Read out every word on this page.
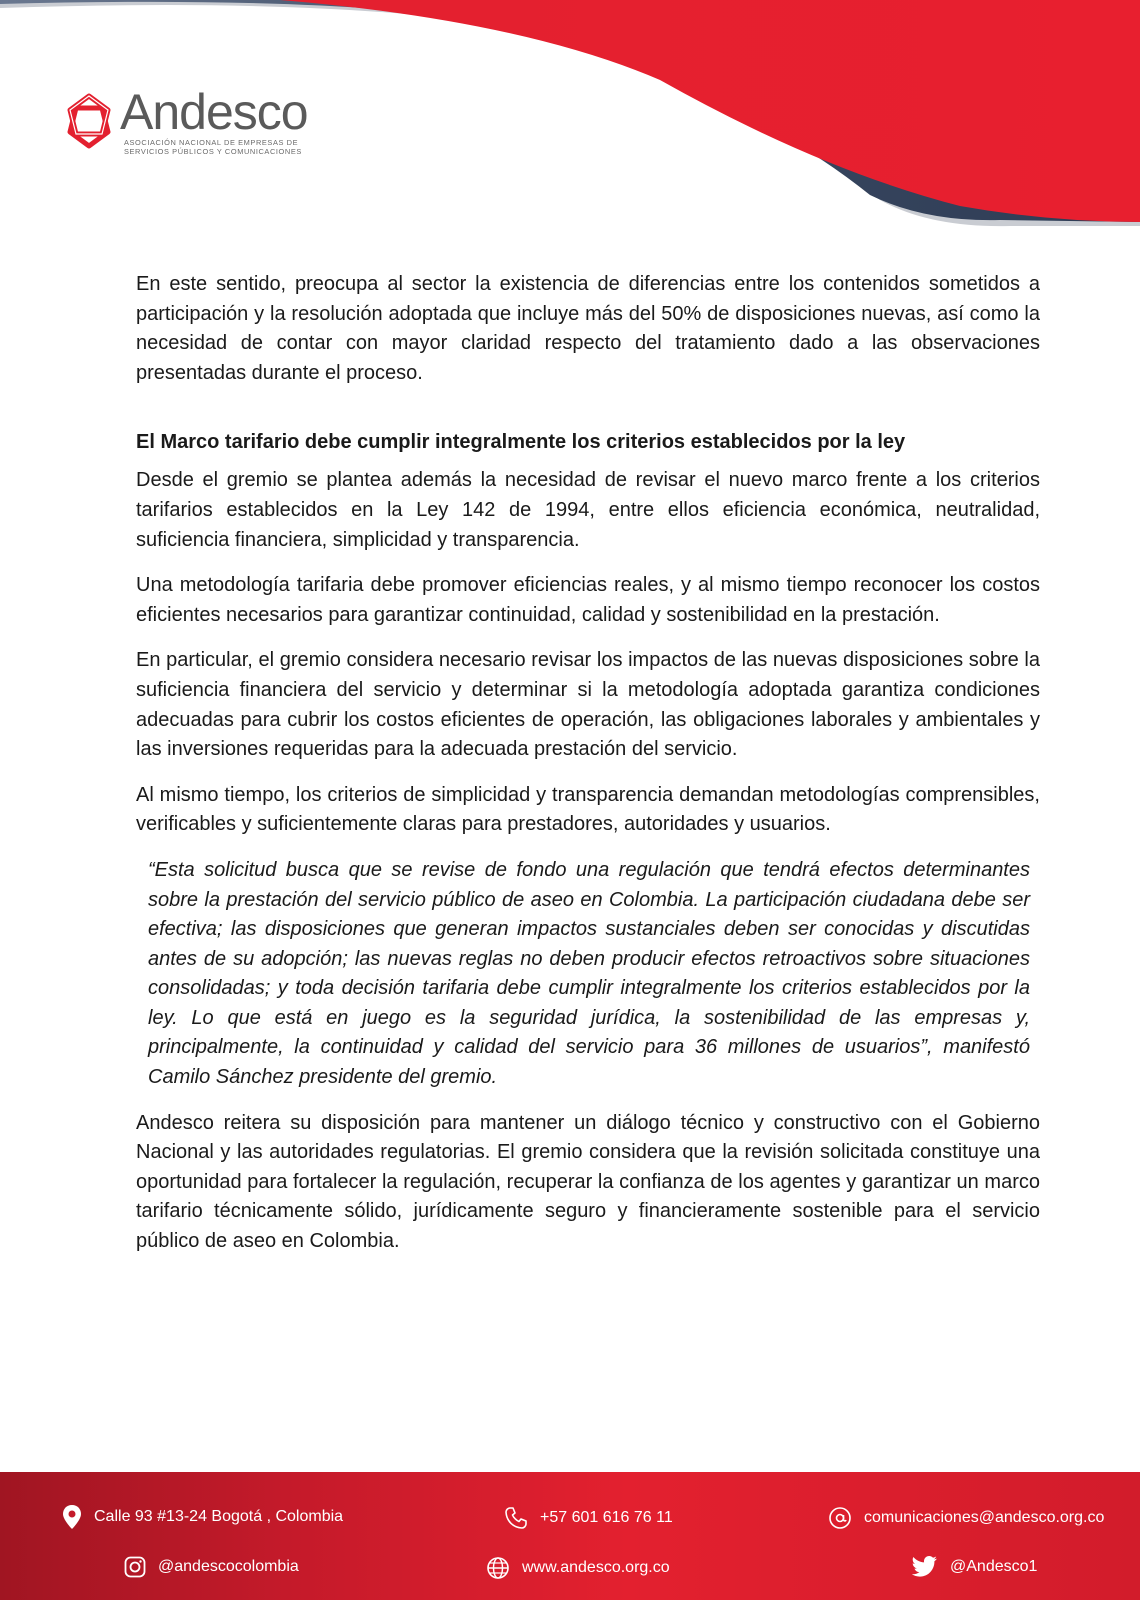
Andesco
ASOCIACIÓN NACIONAL DE EMPRESAS DE
SERVICIOS PÚBLICOS Y COMUNICACIONES

En este sentido, preocupa al sector la existencia de diferencias entre los contenidos sometidos a participación y la resolución adoptada que incluye más del 50% de disposiciones nuevas, así como la necesidad de contar con mayor claridad respecto del tratamiento dado a las observaciones presentadas durante el proceso.

El Marco tarifario debe cumplir integralmente los criterios establecidos por la ley

Desde el gremio se plantea además la necesidad de revisar el nuevo marco frente a los criterios tarifarios establecidos en la Ley 142 de 1994, entre ellos eficiencia económica, neutralidad, suficiencia financiera, simplicidad y transparencia.

Una metodología tarifaria debe promover eficiencias reales, y al mismo tiempo reconocer los costos eficientes necesarios para garantizar continuidad, calidad y sostenibilidad en la prestación.

En particular, el gremio considera necesario revisar los impactos de las nuevas disposiciones sobre la suficiencia financiera del servicio y determinar si la metodología adoptada garantiza condiciones adecuadas para cubrir los costos eficientes de operación, las obligaciones laborales y ambientales y las inversiones requeridas para la adecuada prestación del servicio.

Al mismo tiempo, los criterios de simplicidad y transparencia demandan metodologías comprensibles, verificables y suficientemente claras para prestadores, autoridades y usuarios.

“Esta solicitud busca que se revise de fondo una regulación que tendrá efectos determinantes sobre la prestación del servicio público de aseo en Colombia. La participación ciudadana debe ser efectiva; las disposiciones que generan impactos sustanciales deben ser conocidas y discutidas antes de su adopción; las nuevas reglas no deben producir efectos retroactivos sobre situaciones consolidadas; y toda decisión tarifaria debe cumplir integralmente los criterios establecidos por la ley. Lo que está en juego es la seguridad jurídica, la sostenibilidad de las empresas y, principalmente, la continuidad y calidad del servicio para 36 millones de usuarios”, manifestó Camilo Sánchez presidente del gremio.

Andesco reitera su disposición para mantener un diálogo técnico y constructivo con el Gobierno Nacional y las autoridades regulatorias. El gremio considera que la revisión solicitada constituye una oportunidad para fortalecer la regulación, recuperar la confianza de los agentes y garantizar un marco tarifario técnicamente sólido, jurídicamente seguro y financieramente sostenible para el servicio público de aseo en Colombia.

Calle 93 #13-24 Bogotá , Colombia	+57 601 616 76 11	comunicaciones@andesco.org.co
@andescocolombia	www.andesco.org.co	@Andesco1
